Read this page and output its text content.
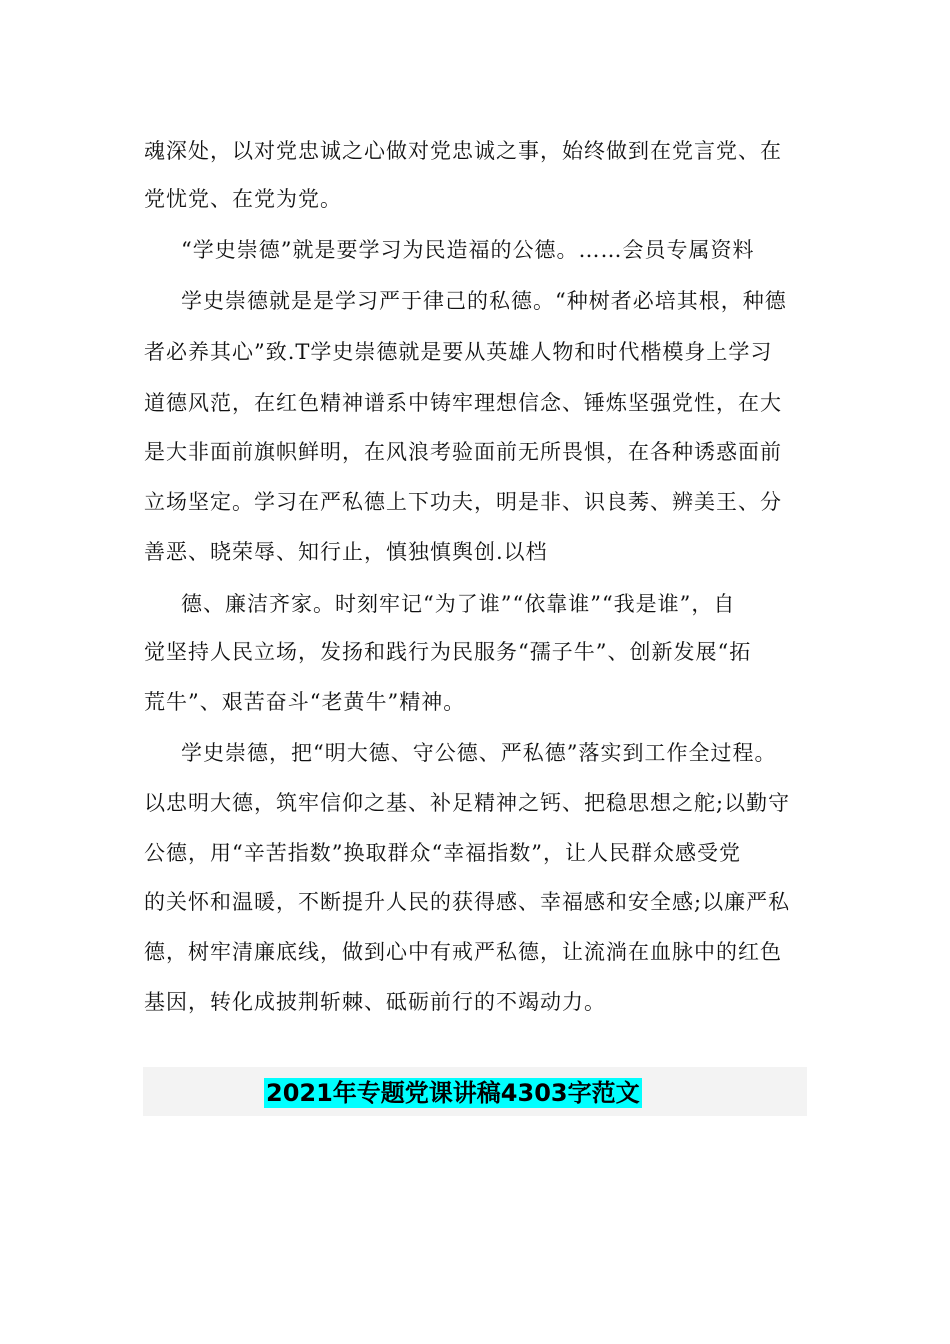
魂深处，以对党忠诚之心做对党忠诚之事，始终做到在党言党、在
党忧党、在党为党。
“学史崇德”就是要学习为民造福的公德。……会员专属资料
学史崇德就是是学习严于律己的私德。“种树者必培其根，种德
者必养其心”致.T学史崇德就是要从英雄人物和时代楷模身上学习
道德风范，在红色精神谱系中铸牢理想信念、锤炼坚强党性，在大
是大非面前旗帜鲜明，在风浪考验面前无所畏惧，在各种诱惑面前
立场坚定。学习在严私德上下功夫，明是非、识良莠、辨美王、分
善恶、晓荣辱、知行止，慎独慎舆创.以档
德、廉洁齐家。时刻牢记“为了谁”“依靠谁”“我是谁”，自
觉坚持人民立场，发扬和践行为民服务“孺子牛”、创新发展“拓
荒牛”、艰苦奋斗“老黄牛”精神。
学史崇德，把“明大德、守公德、严私德”落实到工作全过程。
以忠明大德，筑牢信仰之基、补足精神之钙、把稳思想之舵;以勤守
公德，用“辛苦指数”换取群众“幸福指数”，让人民群众感受党
的关怀和温暖，不断提升人民的获得感、幸福感和安全感;以廉严私
德，树牢清廉底线，做到心中有戒严私德，让流淌在血脉中的红色
基因，转化成披荆斩棘、砥砺前行的不竭动力。
2021年专题党课讲稿4303字范文
